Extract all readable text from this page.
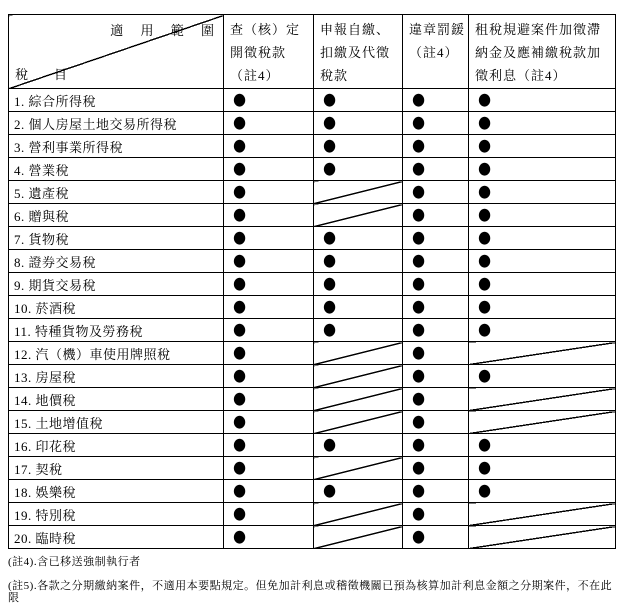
適 用 範 圍
稅　　目	查（核）定
開徵稅款
（註4）	申報自繳、
扣繳及代徵
稅款	違章罰鍰
（註4）	租稅規避案件加徵滯
納金及應補繳稅款加
徵利息（註4）
1. 綜合所得稅	●	●	●	●
2. 個人房屋土地交易所得稅	●	●	●	●
3. 營利事業所得稅	●	●	●	●
4. 營業稅	●	●	●	●
5. 遺產稅	●		●	●
6. 贈與稅	●		●	●
7. 貨物稅	●	●	●	●
8. 證券交易稅	●	●	●	●
9. 期貨交易稅	●	●	●	●
10. 菸酒稅	●	●	●	●
11. 特種貨物及勞務稅	●	●	●	●
12. 汽（機）車使用牌照稅	●		●	
13. 房屋稅	●		●	●
14. 地價稅	●		●	
15. 土地增值稅	●		●	
16. 印花稅	●	●	●	●
17. 契稅	●		●	●
18. 娛樂稅	●	●	●	●
19. 特別稅	●		●	
20. 臨時稅	●		●	
(註4).含已移送強制執行者
(註5).各款之分期繳納案件，不適用本要點規定。但免加計利息或稽徵機關已預為核算加計利息金額之分期案件，不在此限
